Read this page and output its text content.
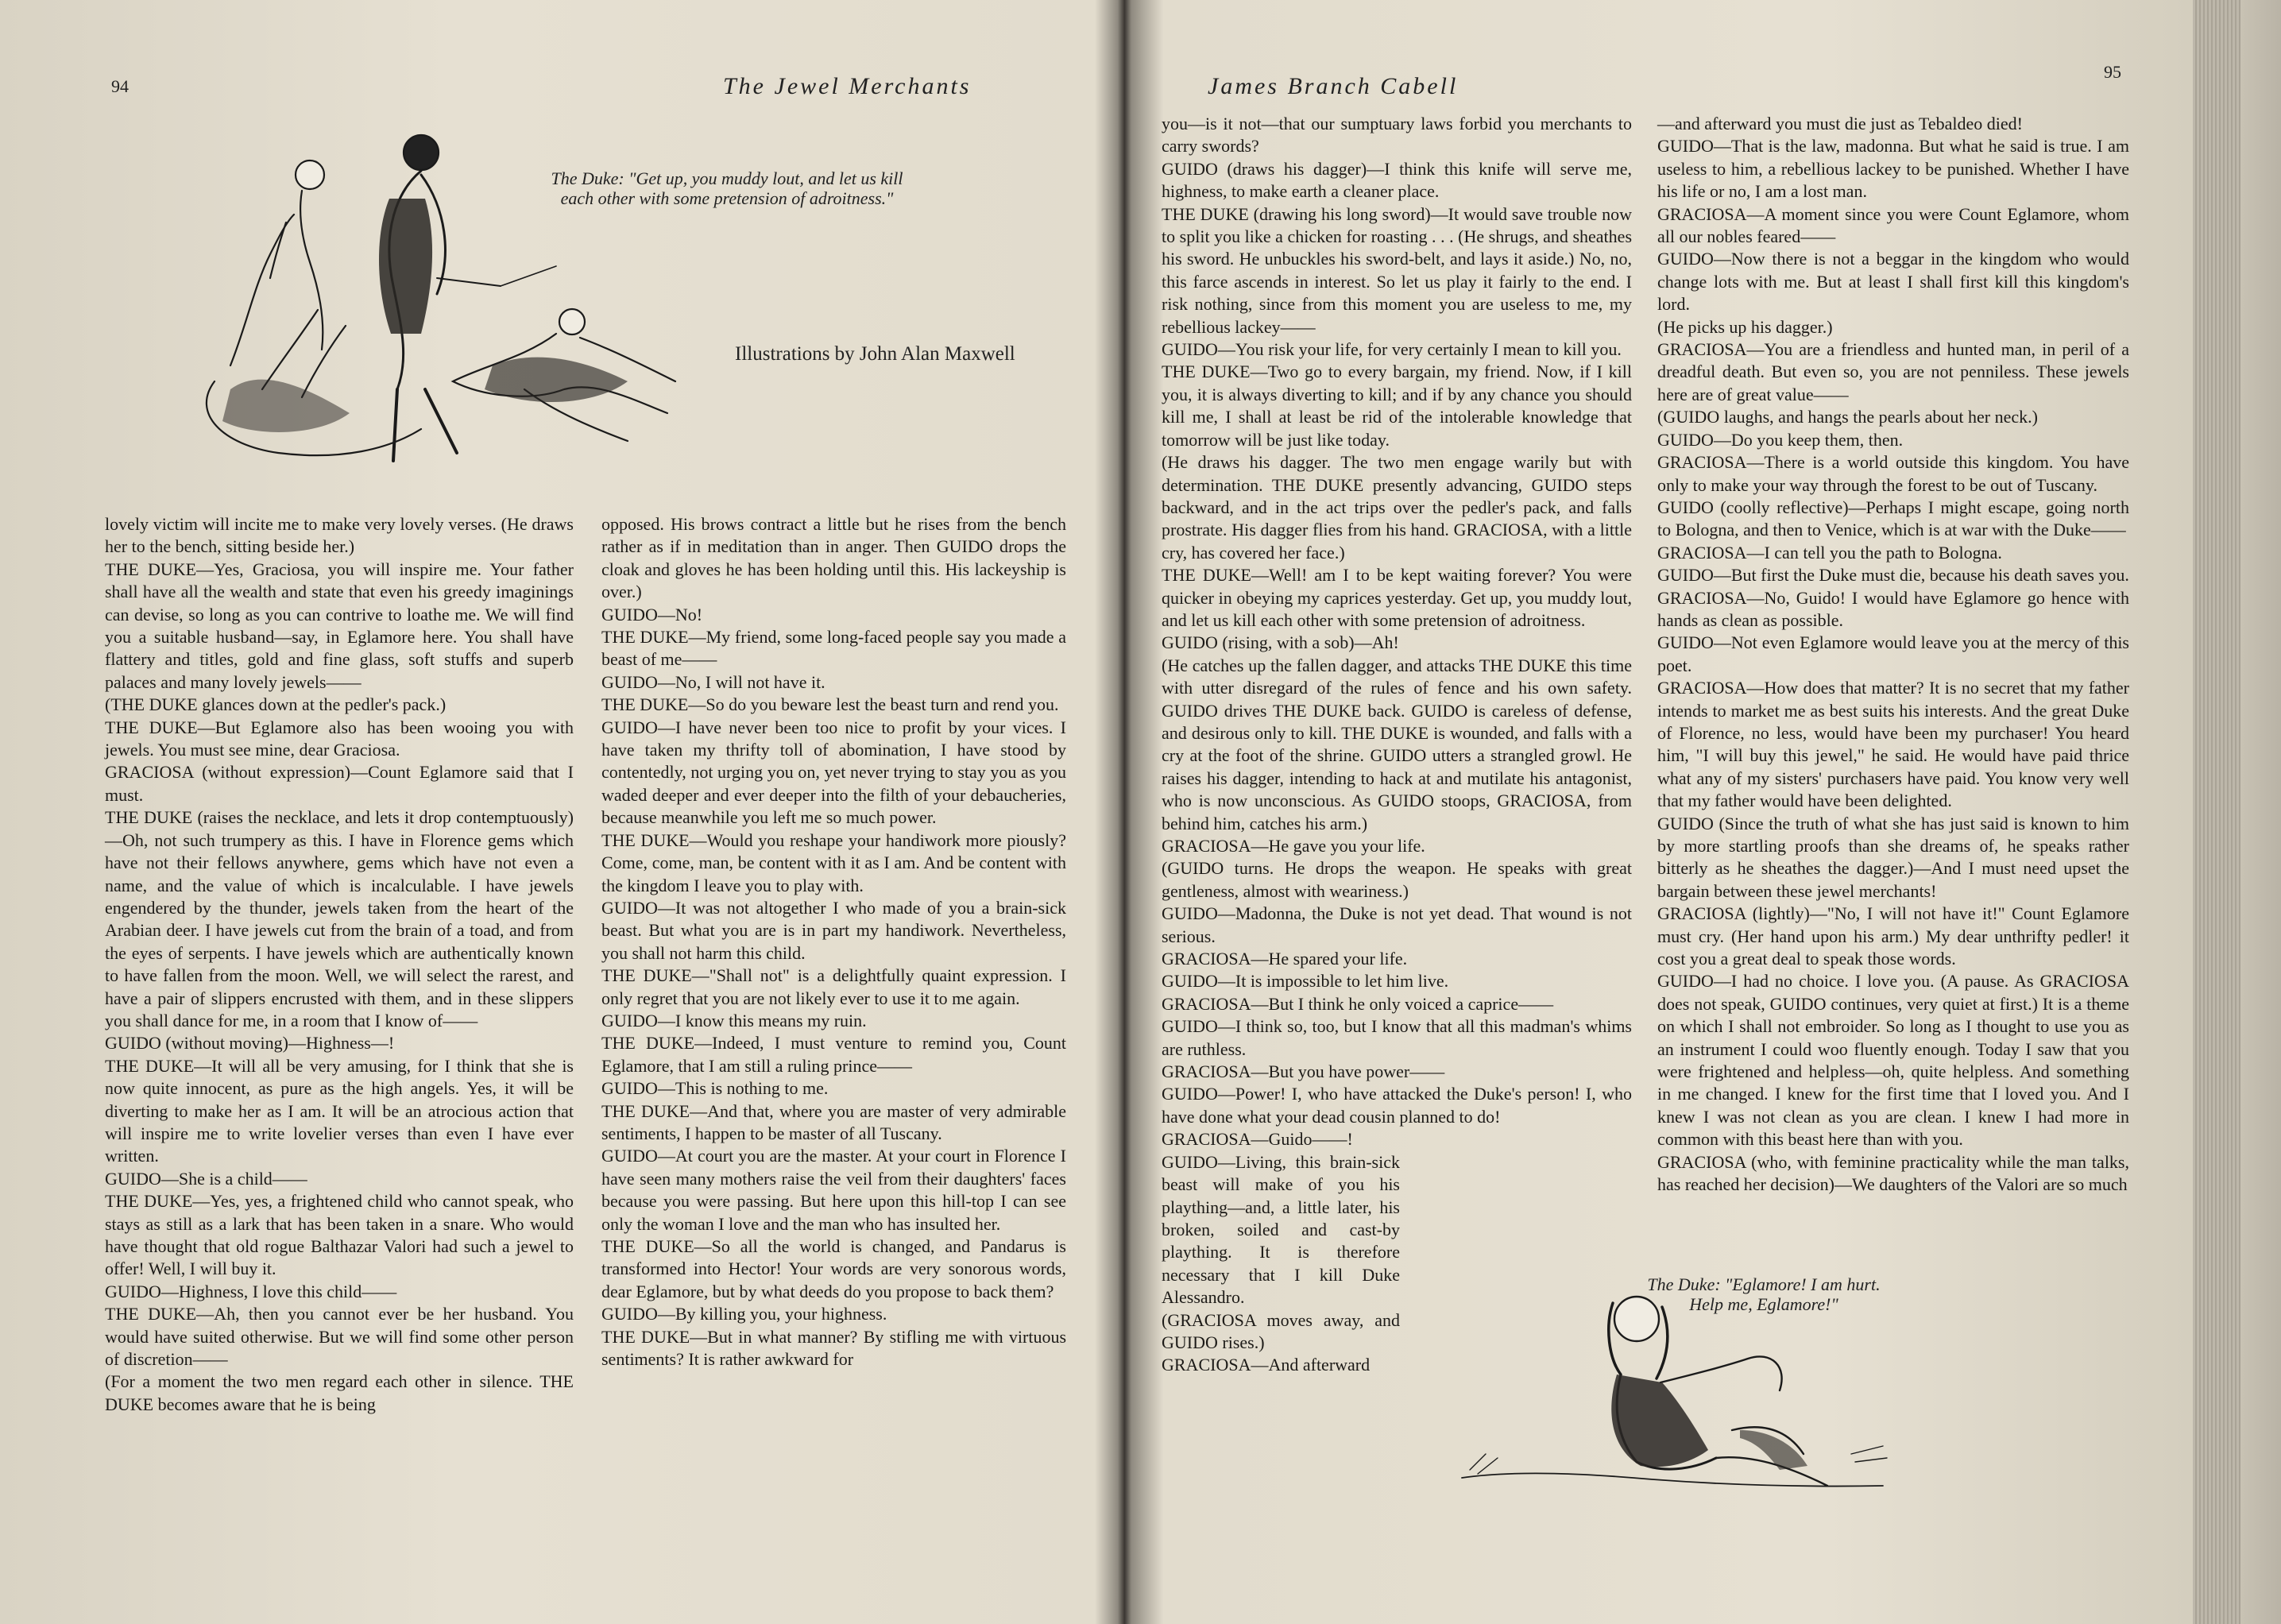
94	The Jewel Merchants
The Duke: "Get up, you muddy lout, and let us kill each other with some pretension of adroitness."
Illustrations by John Alan Maxwell

lovely victim will incite me to make very lovely verses. (He draws her to the bench, sitting beside her.)

THE DUKE—Yes, Graciosa, you will inspire me. Your father shall have all the wealth and state that even his greedy imaginings can devise, so long as you can contrive to loathe me. We will find you a suitable husband—say, in Eglamore here. You shall have flattery and titles, gold and fine glass, soft stuffs and superb palaces and many lovely jewels——

(THE DUKE glances down at the pedler's pack.)

THE DUKE—But Eglamore also has been wooing you with jewels. You must see mine, dear Graciosa.

GRACIOSA (without expression)—Count Eglamore said that I must.

THE DUKE (raises the necklace, and lets it drop contemptuously)—Oh, not such trumpery as this. I have in Florence gems which have not their fellows anywhere, gems which have not even a name, and the value of which is incalculable. I have jewels engendered by the thunder, jewels taken from the heart of the Arabian deer. I have jewels cut from the brain of a toad, and from the eyes of serpents. I have jewels which are authentically known to have fallen from the moon. Well, we will select the rarest, and have a pair of slippers encrusted with them, and in these slippers you shall dance for me, in a room that I know of——

GUIDO (without moving)—Highness—!

THE DUKE—It will all be very amusing, for I think that she is now quite innocent, as pure as the high angels. Yes, it will be diverting to make her as I am. It will be an atrocious action that will inspire me to write lovelier verses than even I have ever written.

GUIDO—She is a child——

THE DUKE—Yes, yes, a frightened child who cannot speak, who stays as still as a lark that has been taken in a snare. Who would have thought that old rogue Balthazar Valori had such a jewel to offer! Well, I will buy it.

GUIDO—Highness, I love this child——

THE DUKE—Ah, then you cannot ever be her husband. You would have suited otherwise. But we will find some other person of discretion——

(For a moment the two men regard each other in silence. THE DUKE becomes aware that he is being

opposed. His brows contract a little but he rises from the bench rather as if in meditation than in anger. Then GUIDO drops the cloak and gloves he has been holding until this. His lackeyship is over.)

GUIDO—No!

THE DUKE—My friend, some long-faced people say you made a beast of me——

GUIDO—No, I will not have it.

THE DUKE—So do you beware lest the beast turn and rend you.

GUIDO—I have never been too nice to profit by your vices. I have taken my thrifty toll of abomination, I have stood by contentedly, not urging you on, yet never trying to stay you as you waded deeper and ever deeper into the filth of your debaucheries, because meanwhile you left me so much power.

THE DUKE—Would you reshape your handiwork more piously? Come, come, man, be content with it as I am. And be content with the kingdom I leave you to play with.

GUIDO—It was not altogether I who made of you a brain-sick beast. But what you are is in part my handiwork. Nevertheless, you shall not harm this child.

THE DUKE—"Shall not" is a delightfully quaint expression. I only regret that you are not likely ever to use it to me again.

GUIDO—I know this means my ruin.

THE DUKE—Indeed, I must venture to remind you, Count Eglamore, that I am still a ruling prince——

GUIDO—This is nothing to me.

THE DUKE—And that, where you are master of very admirable sentiments, I happen to be master of all Tuscany.

GUIDO—At court you are the master. At your court in Florence I have seen many mothers raise the veil from their daughters' faces because you were passing. But here upon this hill-top I can see only the woman I love and the man who has insulted her.

THE DUKE—So all the world is changed, and Pandarus is transformed into Hector! Your words are very sonorous words, dear Eglamore, but by what deeds do you propose to back them?

GUIDO—By killing you, your highness.

THE DUKE—But in what manner? By stifling me with virtuous sentiments? It is rather awkward for

James Branch Cabell
95

you—is it not—that our sumptuary laws forbid you merchants to carry swords?

GUIDO (draws his dagger)—I think this knife will serve me, highness, to make earth a cleaner place.

THE DUKE (drawing his long sword)—It would save trouble now to split you like a chicken for roasting . . . (He shrugs, and sheathes his sword. He unbuckles his sword-belt, and lays it aside.) No, no, this farce ascends in interest. So let us play it fairly to the end. I risk nothing, since from this moment you are useless to me, my rebellious lackey——

GUIDO—You risk your life, for very certainly I mean to kill you.

THE DUKE—Two go to every bargain, my friend. Now, if I kill you, it is always diverting to kill; and if by any chance you should kill me, I shall at least be rid of the intolerable knowledge that tomorrow will be just like today.

(He draws his dagger. The two men engage warily but with determination. THE DUKE presently advancing, GUIDO steps backward, and in the act trips over the pedler's pack, and falls prostrate. His dagger flies from his hand. GRACIOSA, with a little cry, has covered her face.)

THE DUKE—Well! am I to be kept waiting forever? You were quicker in obeying my caprices yesterday. Get up, you muddy lout, and let us kill each other with some pretension of adroitness.

GUIDO (rising, with a sob)—Ah!

(He catches up the fallen dagger, and attacks THE DUKE this time with utter disregard of the rules of fence and his own safety. GUIDO drives THE DUKE back. GUIDO is careless of defense, and desirous only to kill. THE DUKE is wounded, and falls with a cry at the foot of the shrine. GUIDO utters a strangled growl. He raises his dagger, intending to hack at and mutilate his antagonist, who is now unconscious. As GUIDO stoops, GRACIOSA, from behind him, catches his arm.)

GRACIOSA—He gave you your life.

(GUIDO turns. He drops the weapon. He speaks with great gentleness, almost with weariness.)

GUIDO—Madonna, the Duke is not yet dead. That wound is not serious.

GRACIOSA—He spared your life.

GUIDO—It is impossible to let him live.

GRACIOSA—But I think he only voiced a caprice——

GUIDO—I think so, too, but I know that all this madman's whims are ruthless.

GRACIOSA—But you have power——

GUIDO—Power! I, who have attacked the Duke's person! I, who have done what your dead cousin planned to do!

GRACIOSA—Guido——!

GUIDO—Living, this brain-sick beast will make of you his plaything—and, a little later, his broken, soiled and cast-by plaything. It is therefore necessary that I kill Duke Alessandro.

(GRACIOSA moves away, and GUIDO rises.)

GRACIOSA—And afterward

The Duke: "Eglamore! I am hurt. Help me, Eglamore!"

—and afterward you must die just as Tebaldeo died!

GUIDO—That is the law, madonna. But what he said is true. I am useless to him, a rebellious lackey to be punished. Whether I have his life or no, I am a lost man.

GRACIOSA—A moment since you were Count Eglamore, whom all our nobles feared——

GUIDO—Now there is not a beggar in the kingdom who would change lots with me. But at least I shall first kill this kingdom's lord.

(He picks up his dagger.)

GRACIOSA—You are a friendless and hunted man, in peril of a dreadful death. But even so, you are not penniless. These jewels here are of great value——

(GUIDO laughs, and hangs the pearls about her neck.)

GUIDO—Do you keep them, then.

GRACIOSA—There is a world outside this kingdom. You have only to make your way through the forest to be out of Tuscany.

GUIDO (coolly reflective)—Perhaps I might escape, going north to Bologna, and then to Venice, which is at war with the Duke——

GRACIOSA—I can tell you the path to Bologna.

GUIDO—But first the Duke must die, because his death saves you.

GRACIOSA—No, Guido! I would have Eglamore go hence with hands as clean as possible.

GUIDO—Not even Eglamore would leave you at the mercy of this poet.

GRACIOSA—How does that matter? It is no secret that my father intends to market me as best suits his interests. And the great Duke of Florence, no less, would have been my purchaser! You heard him, "I will buy this jewel," he said. He would have paid thrice what any of my sisters' purchasers have paid. You know very well that my father would have been delighted.

GUIDO (Since the truth of what she has just said is known to him by more startling proofs than she dreams of, he speaks rather bitterly as he sheathes the dagger.)—And I must need upset the bargain between these jewel merchants!

GRACIOSA (lightly)—"No, I will not have it!" Count Eglamore must cry. (Her hand upon his arm.) My dear unthrifty pedler! it cost you a great deal to speak those words.

GUIDO—I had no choice. I love you. (A pause. As GRACIOSA does not speak, GUIDO continues, very quiet at first.) It is a theme on which I shall not embroider. So long as I thought to use you as an instrument I could woo fluently enough. Today I saw that you were frightened and helpless—oh, quite helpless. And something in me changed. I knew for the first time that I loved you. And I knew I was not clean as you are clean. I knew I had more in common with this beast here than with you.

GRACIOSA (who, with feminine practicality while the man talks, has reached her decision)—We daughters of the Valori are so much
